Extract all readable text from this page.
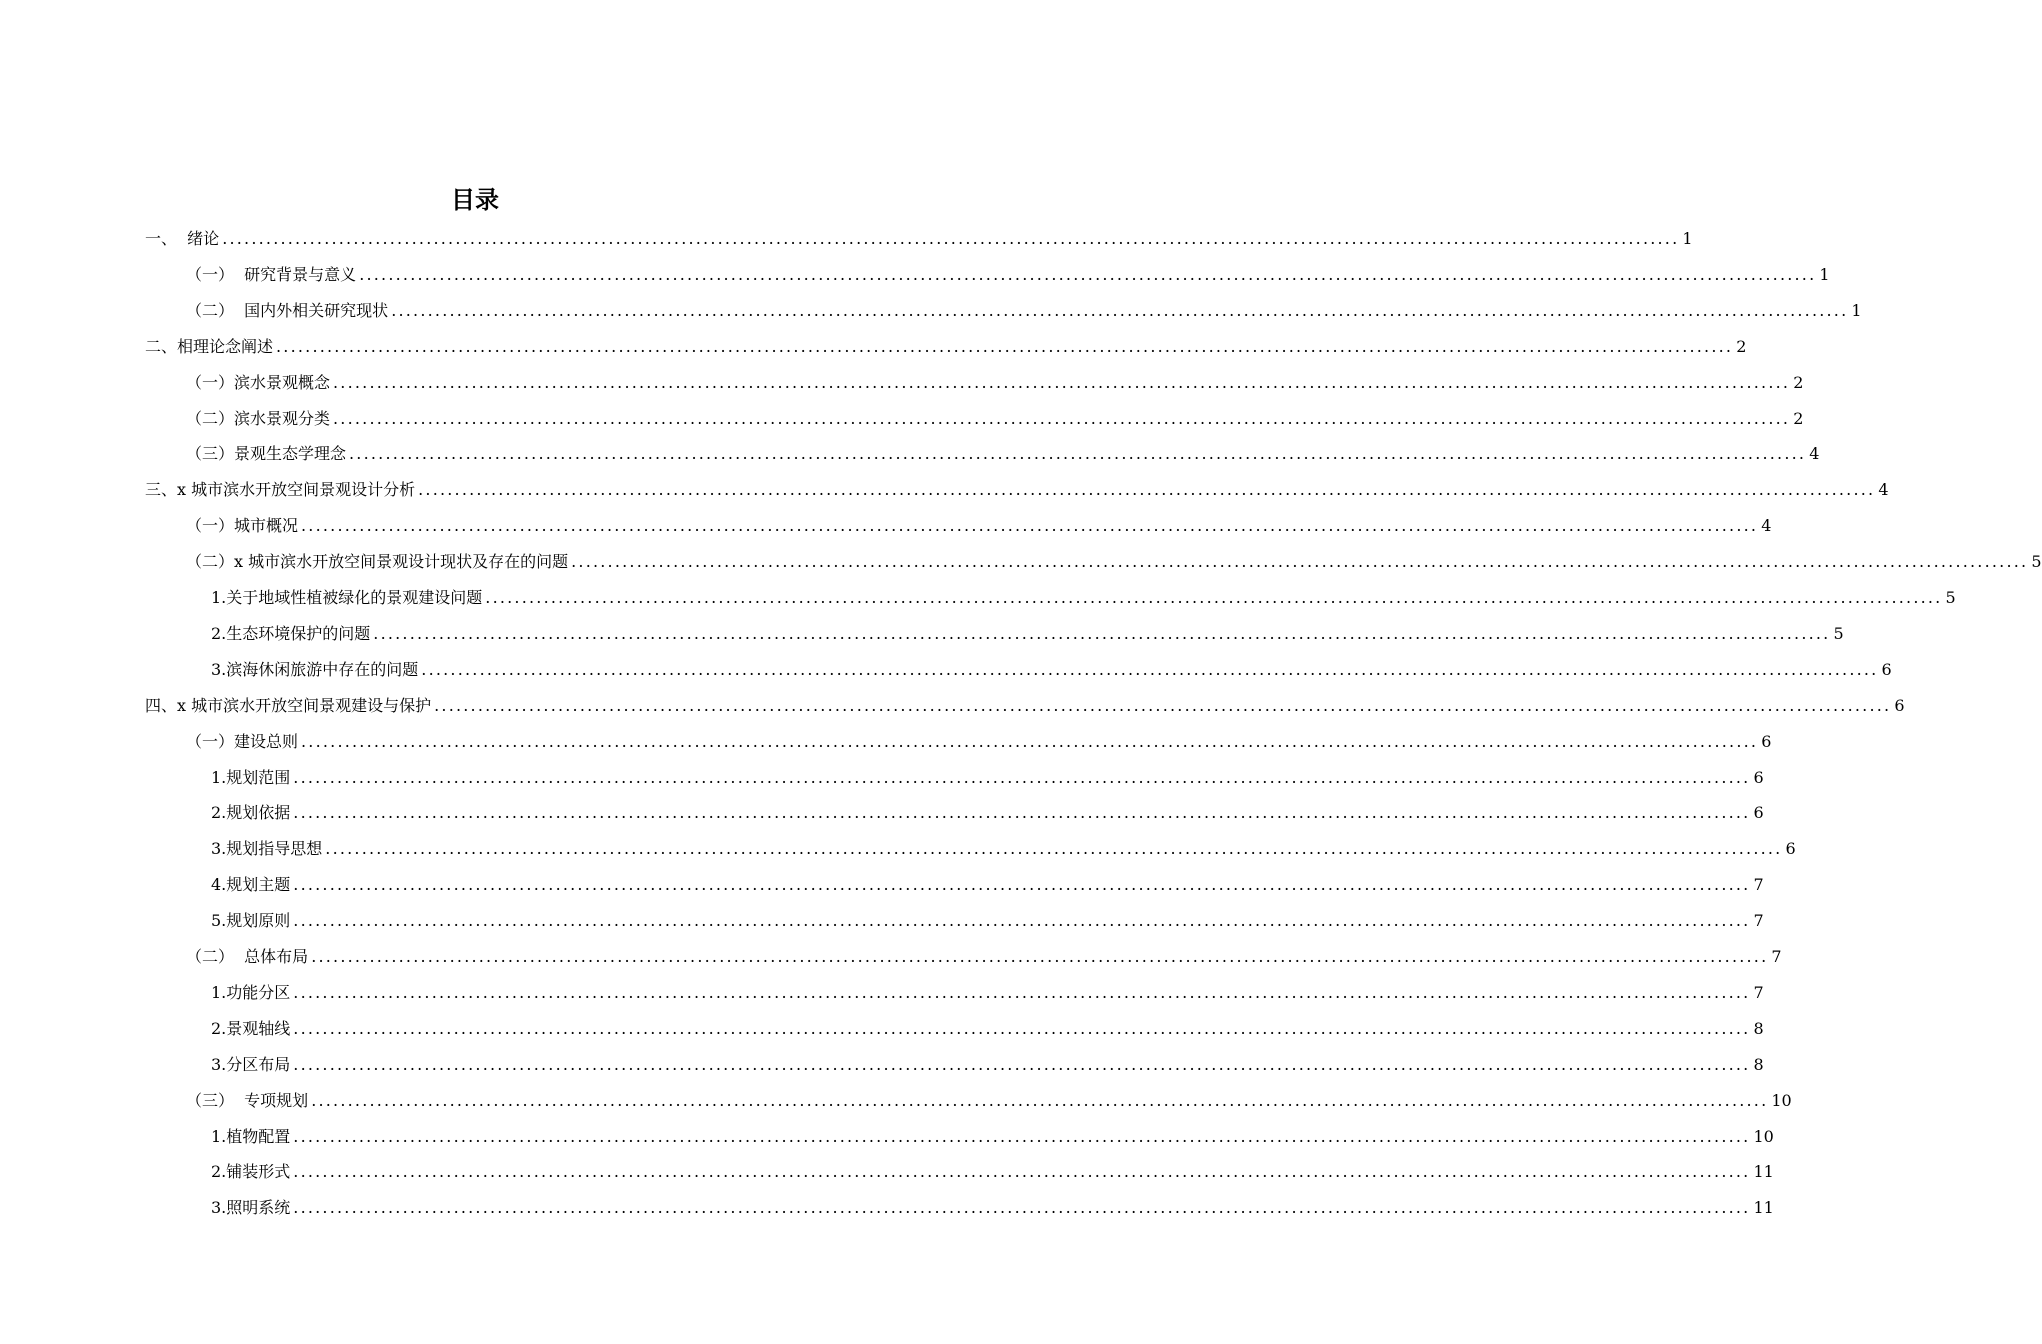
目录
一、  绪论 ........................................................................................................................................................................................................ 1
（一）  研究背景与意义 ........................................................................................................................................................................................................ 1
（二）  国内外相关研究现状 ........................................................................................................................................................................................................ 1
二、相理论念阐述 ........................................................................................................................................................................................................ 2
（一）滨水景观概念 ........................................................................................................................................................................................................ 2
（二）滨水景观分类 ........................................................................................................................................................................................................ 2
（三）景观生态学理念 ........................................................................................................................................................................................................ 4
三、x 城市滨水开放空间景观设计分析 ........................................................................................................................................................................................................ 4
（一）城市概况 ........................................................................................................................................................................................................ 4
（二）x 城市滨水开放空间景观设计现状及存在的问题 ........................................................................................................................................................................................................ 5
1.关于地域性植被绿化的景观建设问题 ........................................................................................................................................................................................................ 5
2.生态环境保护的问题 ........................................................................................................................................................................................................ 5
3.滨海休闲旅游中存在的问题 ........................................................................................................................................................................................................ 6
四、x 城市滨水开放空间景观建设与保护 ........................................................................................................................................................................................................ 6
（一）建设总则 ........................................................................................................................................................................................................ 6
1.规划范围 ........................................................................................................................................................................................................ 6
2.规划依据 ........................................................................................................................................................................................................ 6
3.规划指导思想 ........................................................................................................................................................................................................ 6
4.规划主题 ........................................................................................................................................................................................................ 7
5.规划原则 ........................................................................................................................................................................................................ 7
（二）  总体布局 ........................................................................................................................................................................................................ 7
1.功能分区 ........................................................................................................................................................................................................ 7
2.景观轴线 ........................................................................................................................................................................................................ 8
3.分区布局 ........................................................................................................................................................................................................ 8
（三）  专项规划 ........................................................................................................................................................................................................ 10
1.植物配置 ........................................................................................................................................................................................................ 10
2.铺装形式 ........................................................................................................................................................................................................ 11
3.照明系统 ........................................................................................................................................................................................................ 11
